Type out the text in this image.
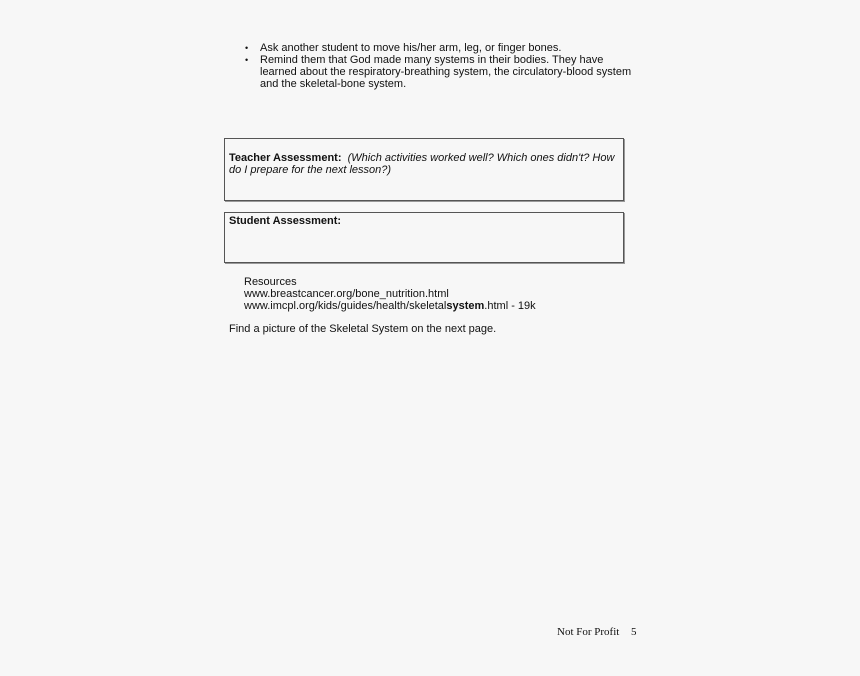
• Ask another student to move his/her arm, leg, or finger bones.
• Remind them that God made many systems in their bodies. They have learned about the respiratory-breathing system, the circulatory-blood system and the skeletal-bone system.
Teacher Assessment: (Which activities worked well? Which ones didn't? How do I prepare for the next lesson?)
Student Assessment:
Resources
www.breastcancer.org/bone_nutrition.html
www.imcpl.org/kids/guides/health/skeletalsystem.html - 19k
Find a picture of the Skeletal System on the next page.
Not For Profit 5
